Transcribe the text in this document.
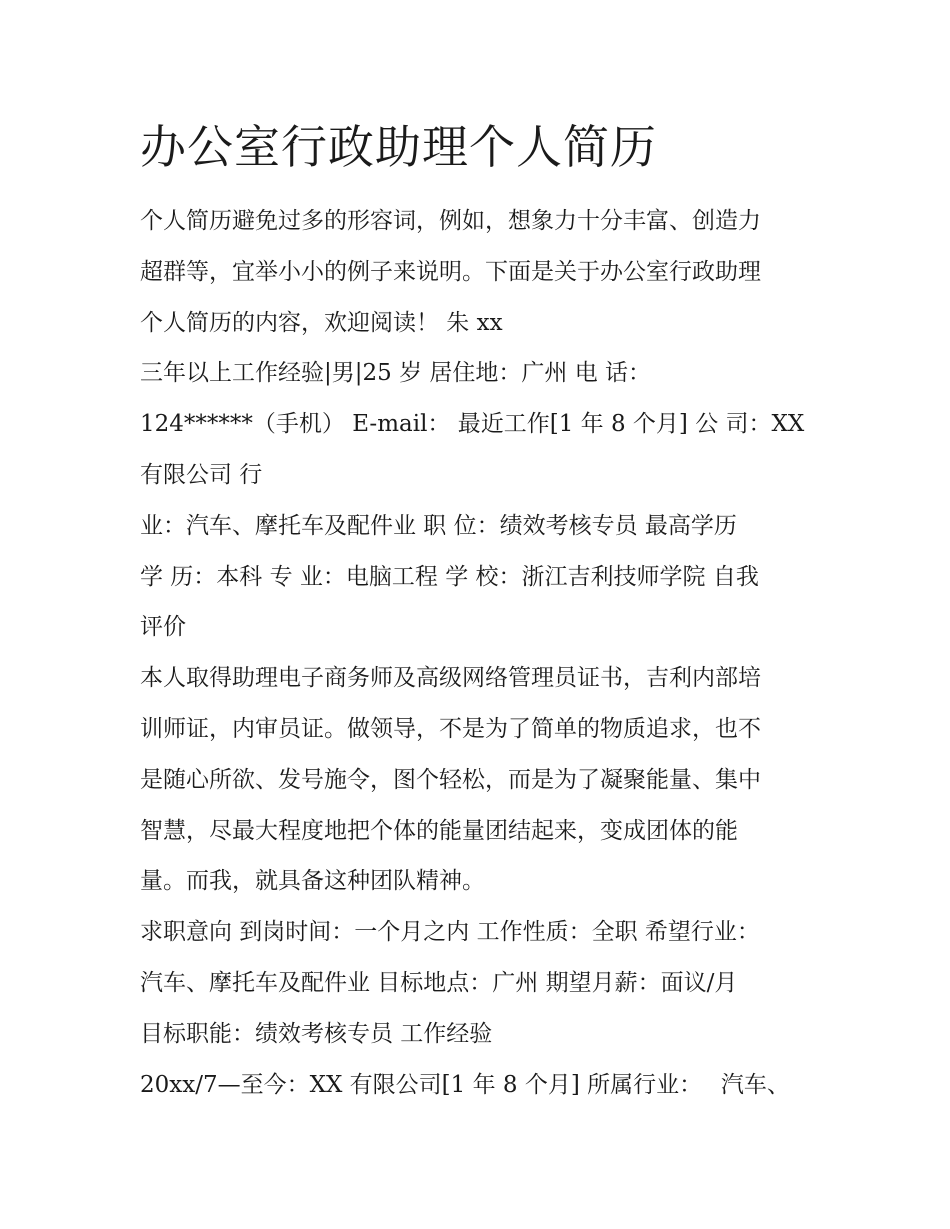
办公室行政助理个人简历

个人简历避免过多的形容词，例如，想象力十分丰富、创造力

超群等，宜举小小的例子来说明。下面是关于办公室行政助理

个人简历的内容，欢迎阅读！ 朱 xx

三年以上工作经验|男|25 岁 居住地：广州 电 话：

124******（手机） E-mail： 最近工作[1 年 8 个月] 公 司：XX

有限公司 行

业：汽车、摩托车及配件业 职 位：绩效考核专员 最高学历

学 历：本科 专 业：电脑工程 学 校：浙江吉利技师学院 自我

评价

本人取得助理电子商务师及高级网络管理员证书，吉利内部培

训师证，内审员证。做领导，不是为了简单的物质追求，也不

是随心所欲、发号施令，图个轻松，而是为了凝聚能量、集中

智慧，尽最大程度地把个体的能量团结起来，变成团体的能

量。而我，就具备这种团队精神。

求职意向 到岗时间：一个月之内 工作性质：全职 希望行业：

汽车、摩托车及配件业 目标地点：广州 期望月薪：面议/月

目标职能：绩效考核专员 工作经验

20xx/7—至今：XX 有限公司[1 年 8 个月] 所属行业：　 汽车、
